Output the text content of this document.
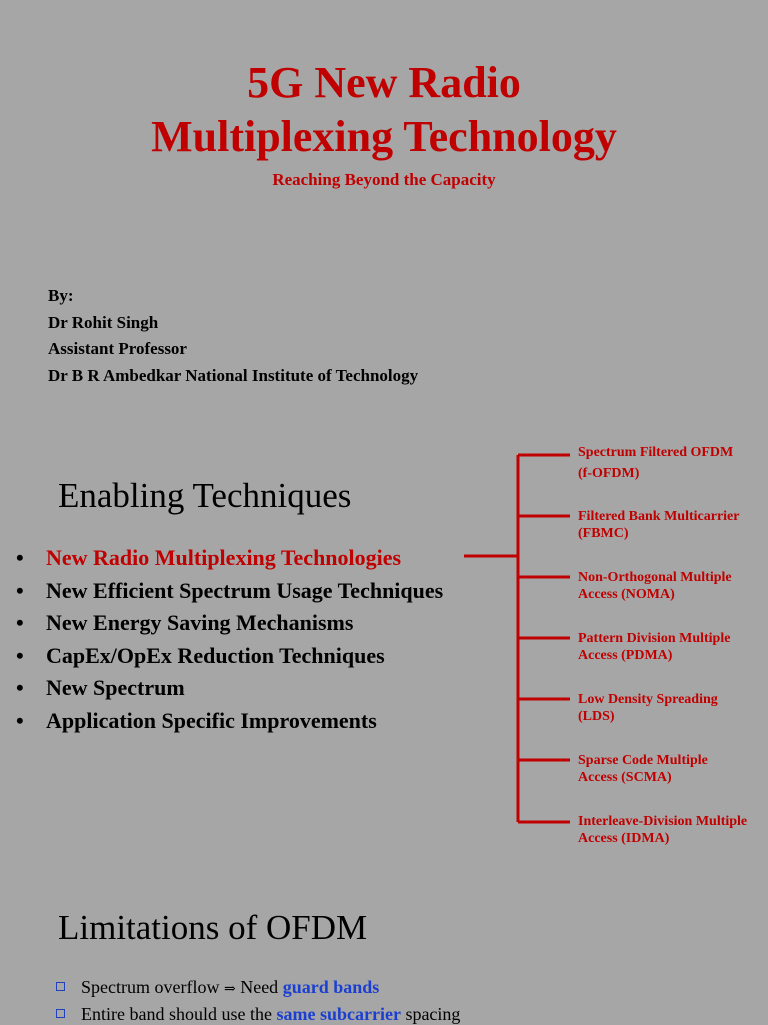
5G New Radio
Multiplexing Technology
Reaching Beyond the Capacity
By:
Dr Rohit Singh
Assistant Professor
Dr B R Ambedkar National Institute of Technology
Enabling Techniques
• New Radio Multiplexing Technologies
• New Efficient Spectrum Usage Techniques
• New Energy Saving Mechanisms
• CapEx/OpEx Reduction Techniques
• New Spectrum
• Application Specific Improvements
Spectrum Filtered OFDM
(f-OFDM)
Filtered Bank Multicarrier
(FBMC)
Non-Orthogonal Multiple
Access (NOMA)
Pattern Division Multiple
Access (PDMA)
Low Density Spreading
(LDS)
Sparse Code Multiple
Access (SCMA)
Interleave-Division Multiple
Access (IDMA)
Limitations of OFDM
Spectrum overflow ⇒ Need guard bands
Entire band should use the same subcarrier spacing
